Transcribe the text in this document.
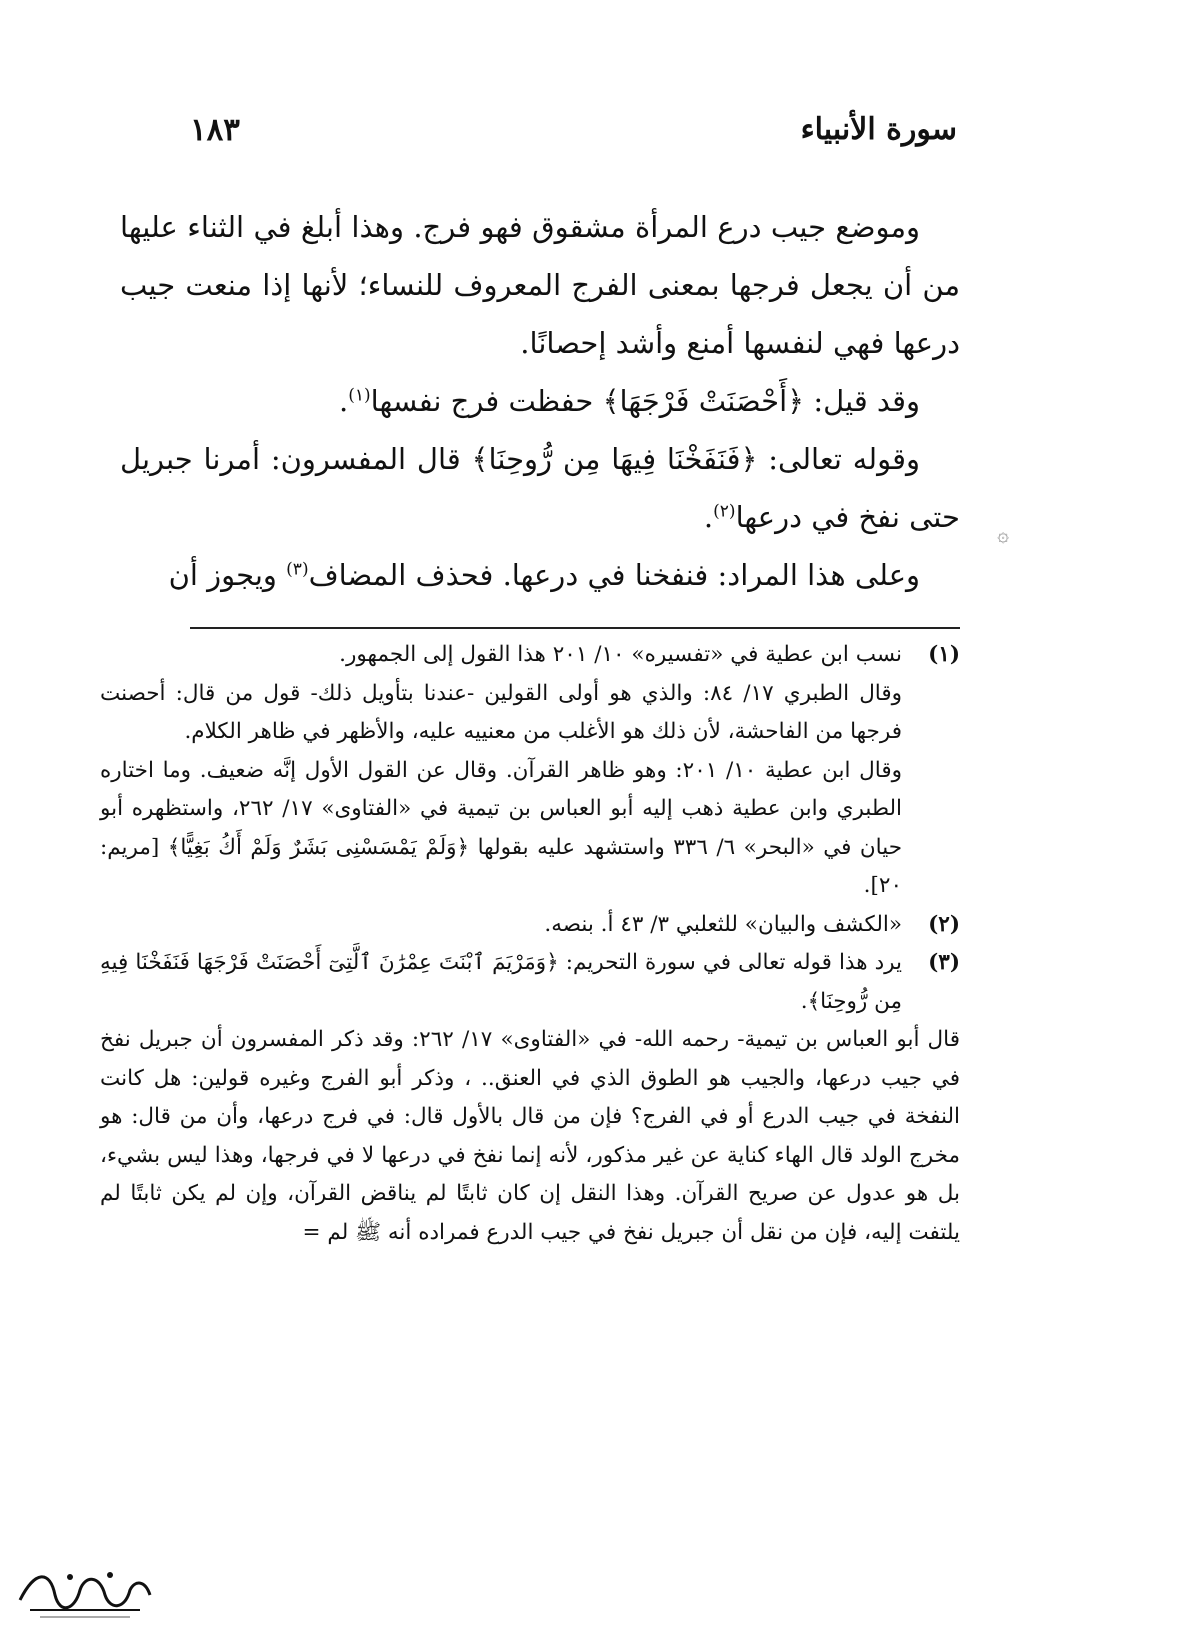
سورة الأنبياء
١٨٣

وموضع جيب درع المرأة مشقوق فهو فرج. وهذا أبلغ في الثناء عليها من أن يجعل فرجها بمعنى الفرج المعروف للنساء؛ لأنها إذا منعت جيب درعها فهي لنفسها أمنع وأشد إحصانًا.

وقد قيل: ﴿أَحْصَنَتْ فَرْجَهَا﴾ حفظت فرج نفسها$^{(١)}$.

وقوله تعالى: ﴿فَنَفَخْنَا فِيهَا مِن رُّوحِنَا﴾ قال المفسرون: أمرنا جبريل حتى نفخ في درعها$^{(٢)}$.

وعلى هذا المراد: فنفخنا في درعها. فحذف المضاف$^{(٣)}$ ويجوز أن

۞
(١)
نسب ابن عطية في «تفسيره» ١٠/ ٢٠١ هذا القول إلى الجمهور.
وقال الطبري ١٧/ ٨٤: والذي هو أولى القولين -عندنا بتأويل ذلك- قول من قال: أحصنت فرجها من الفاحشة، لأن ذلك هو الأغلب من معنييه عليه، والأظهر في ظاهر الكلام.
وقال ابن عطية ١٠/ ٢٠١: وهو ظاهر القرآن. وقال عن القول الأول إنَّه ضعيف. وما اختاره الطبري وابن عطية ذهب إليه أبو العباس بن تيمية في «الفتاوى» ١٧/ ٢٦٢، واستظهره أبو حيان في «البحر» ٦/ ٣٣٦ واستشهد عليه بقولها ﴿وَلَمْ يَمْسَسْنِى بَشَرٌ وَلَمْ أَكُ بَغِيًّا﴾ [مريم: ٢٠].
(٢)
«الكشف والبيان» للثعلبي ٣/ ٤٣ أ. بنصه.
(٣)
يرد هذا قوله تعالى في سورة التحريم: ﴿وَمَرْيَمَ ٱبْنَتَ عِمْرَٰنَ ٱلَّتِىٓ أَحْصَنَتْ فَرْجَهَا فَنَفَخْنَا فِيهِ مِن رُّوحِنَا﴾.
قال أبو العباس بن تيمية- رحمه الله- في «الفتاوى» ١٧/ ٢٦٢: وقد ذكر المفسرون أن جبريل نفخ في جيب درعها، والجيب هو الطوق الذي في العنق.. ، وذكر أبو الفرج وغيره قولين: هل كانت النفخة في جيب الدرع أو في الفرج؟ فإن من قال بالأول قال: في فرج درعها، وأن من قال: هو مخرج الولد قال الهاء كناية عن غير مذكور، لأنه إنما نفخ في درعها لا في فرجها، وهذا ليس بشيء، بل هو عدول عن صريح القرآن. وهذا النقل إن كان ثابتًا لم يناقض القرآن، وإن لم يكن ثابتًا لم يلتفت إليه، فإن من نقل أن جبريل نفخ في جيب الدرع فمراده أنه ﷺ لم =
